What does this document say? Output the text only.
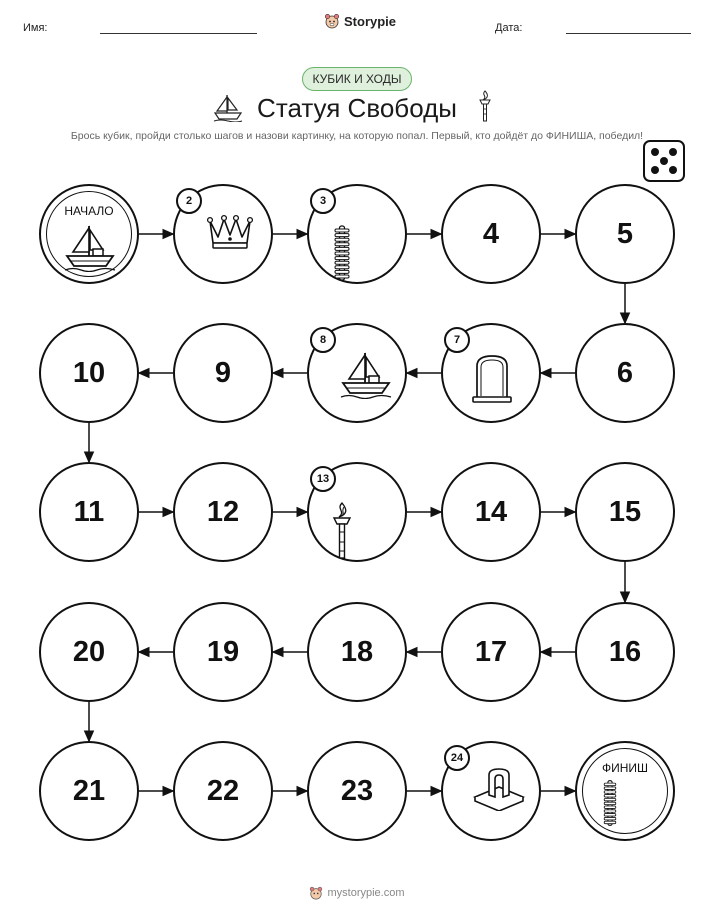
Имя:	Storypie	Дата:
КУБИК И ХОДЫ
Статуя Свободы
Брось кубик, пройди столько шагов и назови картинку, на которую попал. Первый, кто дойдёт до ФИНИША, победил!
НАЧАЛО
2	3
4	5
6
7
8
9
10
11	12
13
14	15
16
17
18
19
20
21	22	23
24
ФИНИШ
mystorypie.com
